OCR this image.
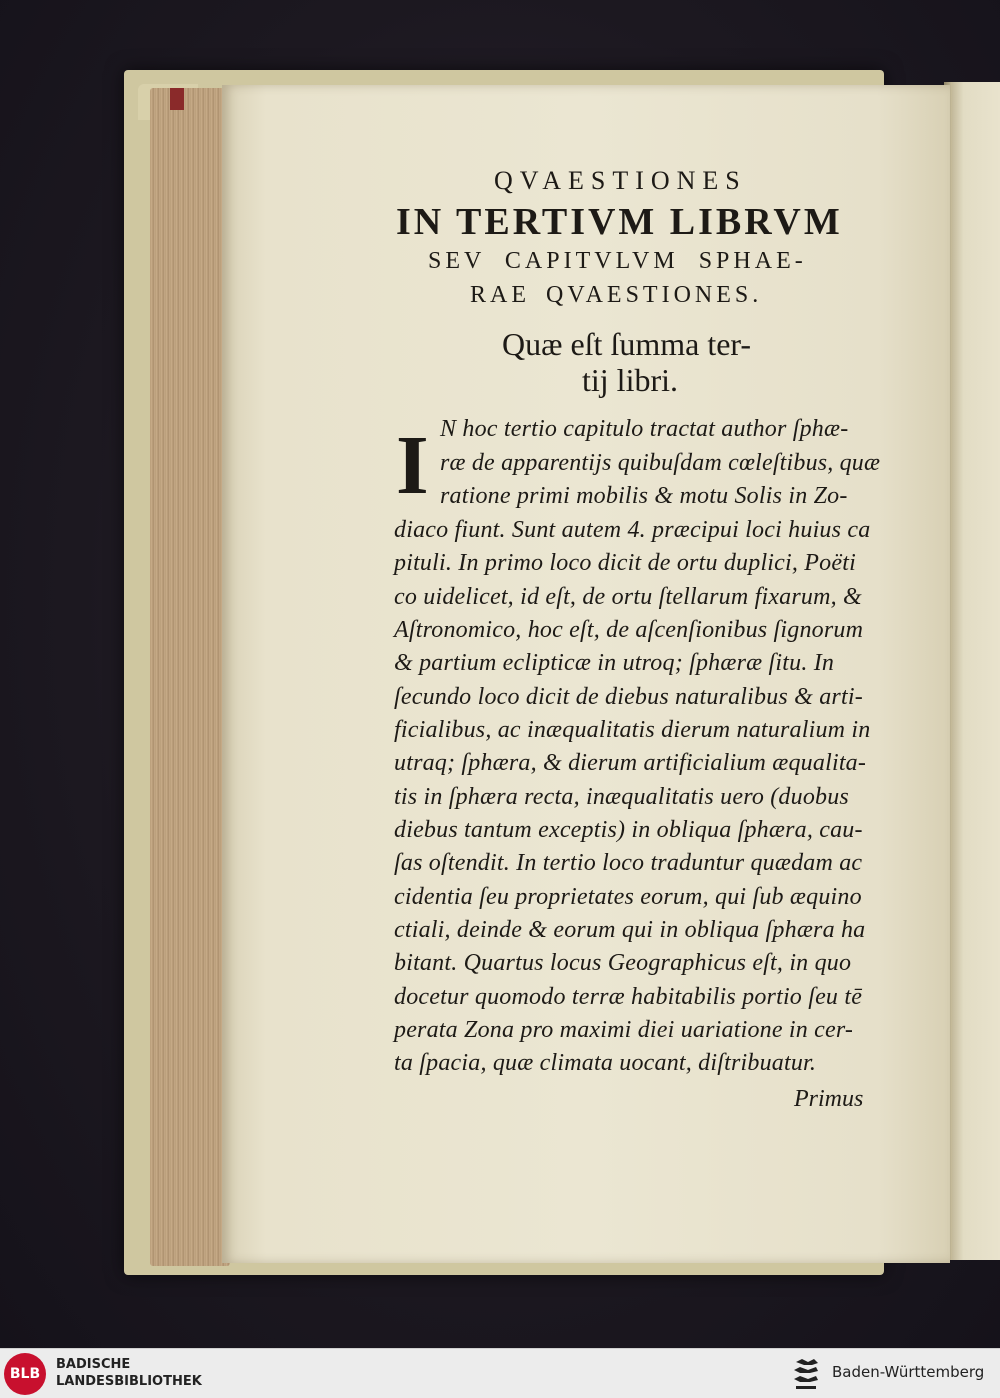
QVAESTIONES
IN TERTIVM LIBRVM
SEV CAPITVLVM SPHAE-
RAE QVAESTIONES.
Quæ eſt ſumma ter-
tij libri.
I N hoc tertio capitulo tractat author ſphæ-
ræ de apparentijs quibuſdam cœleſtibus, quæ
ratione primi mobilis & motu Solis in Zo-
diaco fiunt. Sunt autem 4. præcipui loci huius ca
pituli. In primo loco dicit de ortu duplici, Poëti
co uidelicet, id eſt, de ortu ſtellarum fixarum, &
Aſtronomico, hoc eſt, de aſcenſionibus ſignorum
& partium eclipticæ in utroq; ſphæræ ſitu. In
ſecundo loco dicit de diebus naturalibus & arti-
ficialibus, ac inæqualitatis dierum naturalium in
utraq; ſphæra, & dierum artificialium æqualita-
tis in ſphæra recta, inæqualitatis uero (duobus
diebus tantum exceptis) in obliqua ſphæra, cau-
ſas oſtendit. In tertio loco traduntur quædam ac
cidentia ſeu proprietates eorum, qui ſub æquino
ctiali, deinde & eorum qui in obliqua ſphæra ha
bitant. Quartus locus Geographicus eſt, in quo
docetur quomodo terræ habitabilis portio ſeu tē
perata Zona pro maximi diei uariatione in cer-
ta ſpacia, quæ climata uocant, diſtribuatur.
Primus
BLB
BADISCHE
LANDESBIBLIOTHEK
Baden-Württemberg
